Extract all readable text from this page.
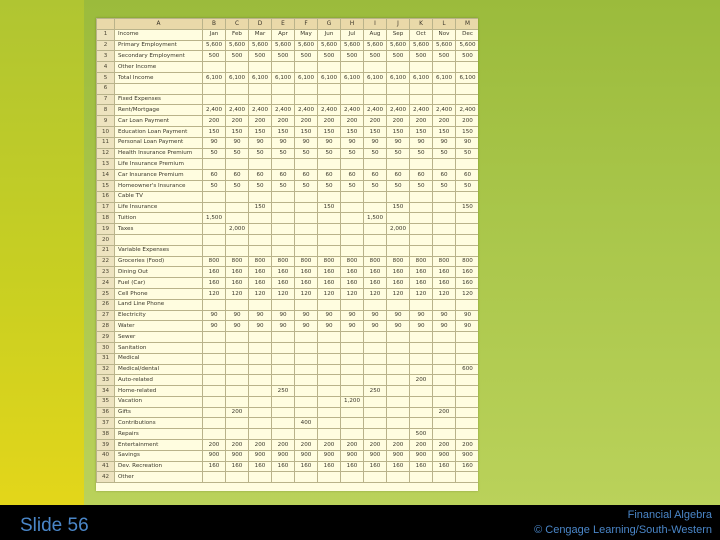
	A	B	C	D	E	F	G	H	I	J	K	L	M
1	Income	Jan	Feb	Mar	Apr	May	Jun	Jul	Aug	Sep	Oct	Nov	Dec
2	Primary Employment	5,600	5,600	5,600	5,600	5,600	5,600	5,600	5,600	5,600	5,600	5,600	5,600
3	Secondary Employment	500	500	500	500	500	500	500	500	500	500	500	500
4	Other Income												
5	Total Income	6,100	6,100	6,100	6,100	6,100	6,100	6,100	6,100	6,100	6,100	6,100	6,100
6													
7	Fixed Expenses												
8	Rent/Mortgage	2,400	2,400	2,400	2,400	2,400	2,400	2,400	2,400	2,400	2,400	2,400	2,400
9	Car Loan Payment	200	200	200	200	200	200	200	200	200	200	200	200
10	Education Loan Payment	150	150	150	150	150	150	150	150	150	150	150	150
11	Personal Loan Payment	90	90	90	90	90	90	90	90	90	90	90	90
12	Health Insurance Premium	50	50	50	50	50	50	50	50	50	50	50	50
13	Life Insurance Premium												
14	Car Insurance Premium	60	60	60	60	60	60	60	60	60	60	60	60
15	Homeowner's Insurance	50	50	50	50	50	50	50	50	50	50	50	50
16	Cable TV												
17	Life Insurance			150			150			150			150
18	Tuition	1,500							1,500				
19	Taxes		2,000							2,000			
20													
21	Variable Expenses												
22	Groceries (Food)	800	800	800	800	800	800	800	800	800	800	800	800
23	Dining Out	160	160	160	160	160	160	160	160	160	160	160	160
24	Fuel (Car)	160	160	160	160	160	160	160	160	160	160	160	160
25	Cell Phone	120	120	120	120	120	120	120	120	120	120	120	120
26	Land Line Phone												
27	Electricity	90	90	90	90	90	90	90	90	90	90	90	90
28	Water	90	90	90	90	90	90	90	90	90	90	90	90
29	Sewer												
30	Sanitation												
31	Medical												
32	Medical/dental												600
33	Auto-related										200		
34	Home-related				250				250				
35	Vacation							1,200					
36	Gifts		200									200	
37	Contributions					400							
38	Repairs										500		
39	Entertainment	200	200	200	200	200	200	200	200	200	200	200	200
40	Savings	900	900	900	900	900	900	900	900	900	900	900	900
41	Dev. Recreation	160	160	160	160	160	160	160	160	160	160	160	160
42	Other												
Slide 56	Financial Algebra
© Cengage Learning/South-Western
